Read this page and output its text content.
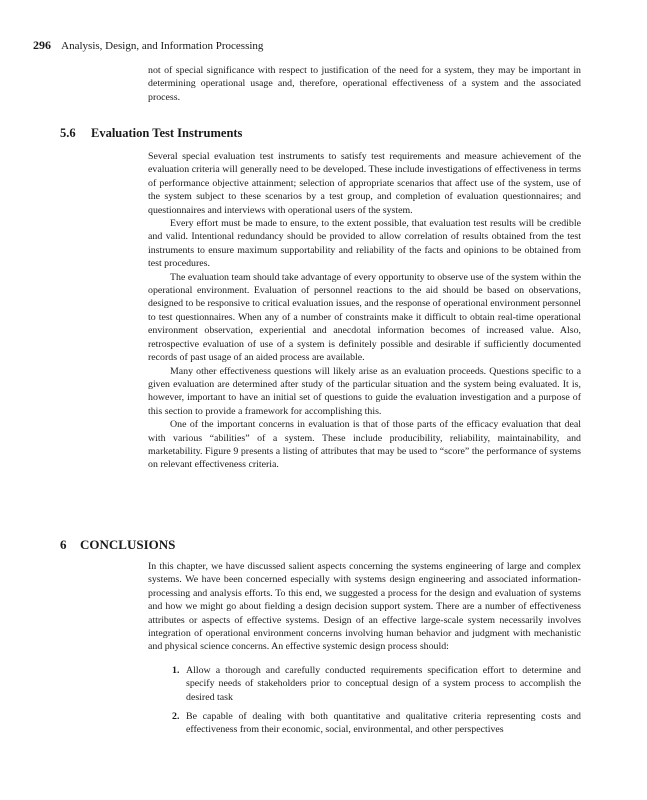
296 Analysis, Design, and Information Processing

not of special significance with respect to justification of the need for a system, they may be important in determining operational usage and, therefore, operational effectiveness of a system and the associated process.

5.6 Evaluation Test Instruments

Several special evaluation test instruments to satisfy test requirements and measure achievement of the evaluation criteria will generally need to be developed. These include investigations of effectiveness in terms of performance objective attainment; selection of appropriate scenarios that affect use of the system, use of the system subject to these scenarios by a test group, and completion of evaluation questionnaires; and questionnaires and interviews with operational users of the system.

Every effort must be made to ensure, to the extent possible, that evaluation test results will be credible and valid. Intentional redundancy should be provided to allow correlation of results obtained from the test instruments to ensure maximum supportability and reliability of the facts and opinions to be obtained from test procedures.

The evaluation team should take advantage of every opportunity to observe use of the system within the operational environment. Evaluation of personnel reactions to the aid should be based on observations, designed to be responsive to critical evaluation issues, and the response of operational environment personnel to test questionnaires. When any of a number of constraints make it difficult to obtain real-time operational environment observation, experiential and anecdotal information becomes of increased value. Also, retrospective evaluation of use of a system is definitely possible and desirable if sufficiently documented records of past usage of an aided process are available.

Many other effectiveness questions will likely arise as an evaluation proceeds. Questions specific to a given evaluation are determined after study of the particular situation and the system being evaluated. It is, however, important to have an initial set of questions to guide the evaluation investigation and a purpose of this section to provide a framework for accomplishing this.

One of the important concerns in evaluation is that of those parts of the efficacy evaluation that deal with various “abilities” of a system. These include producibility, reliability, maintainability, and marketability. Figure 9 presents a listing of attributes that may be used to “score” the performance of systems on relevant effectiveness criteria.

6 CONCLUSIONS

In this chapter, we have discussed salient aspects concerning the systems engineering of large and complex systems. We have been concerned especially with systems design engineering and associated information-processing and analysis efforts. To this end, we suggested a process for the design and evaluation of systems and how we might go about fielding a design decision support system. There are a number of effectiveness attributes or aspects of effective systems. Design of an effective large-scale system necessarily involves integration of operational environment concerns involving human behavior and judgment with mechanistic and physical science concerns. An effective systemic design process should:

1. Allow a thorough and carefully conducted requirements specification effort to determine and specify needs of stakeholders prior to conceptual design of a system process to accomplish the desired task
2. Be capable of dealing with both quantitative and qualitative criteria representing costs and effectiveness from their economic, social, environmental, and other perspectives
